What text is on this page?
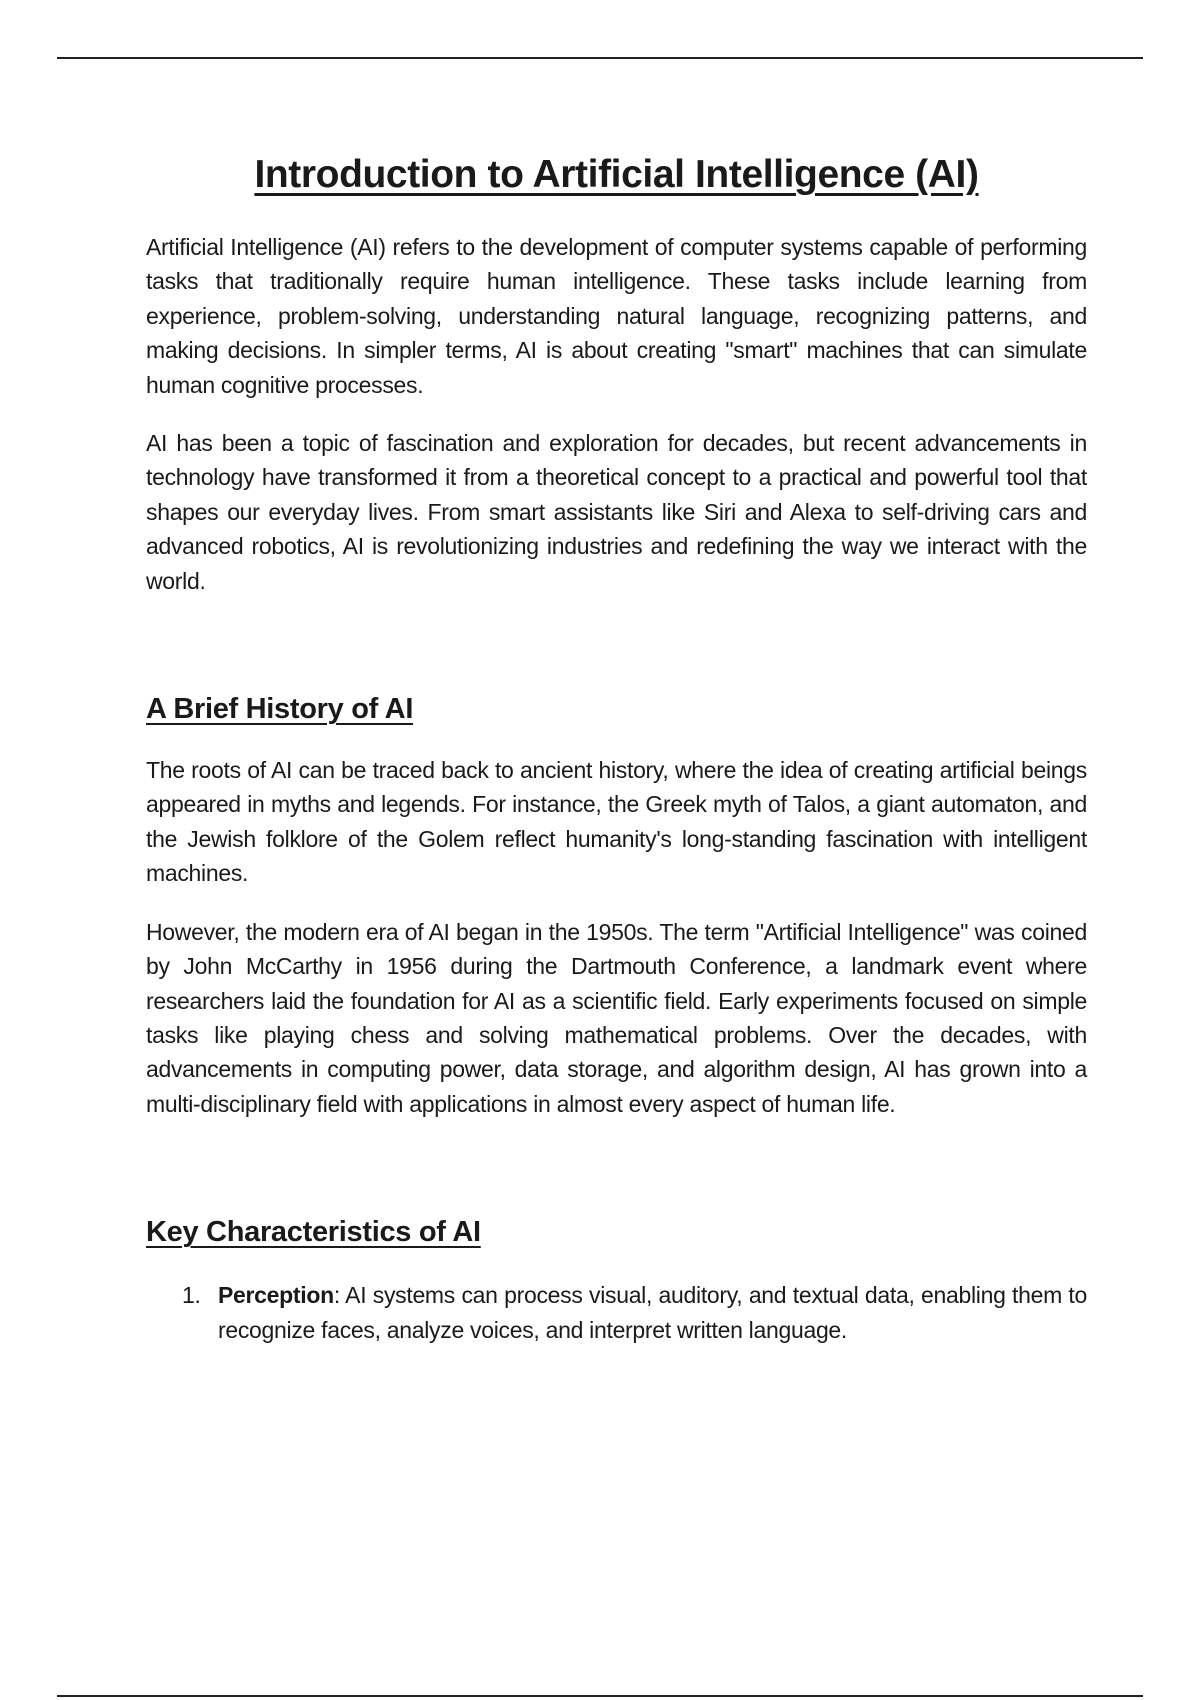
Introduction to Artificial Intelligence (AI)

Artificial Intelligence (AI) refers to the development of computer systems capable of performing tasks that traditionally require human intelligence. These tasks include learning from experience, problem-solving, understanding natural language, recognizing patterns, and making decisions. In simpler terms, AI is about creating "smart" machines that can simulate human cognitive processes.

AI has been a topic of fascination and exploration for decades, but recent advancements in technology have transformed it from a theoretical concept to a practical and powerful tool that shapes our everyday lives. From smart assistants like Siri and Alexa to self-driving cars and advanced robotics, AI is revolutionizing industries and redefining the way we interact with the world.

A Brief History of AI

The roots of AI can be traced back to ancient history, where the idea of creating artificial beings appeared in myths and legends. For instance, the Greek myth of Talos, a giant automaton, and the Jewish folklore of the Golem reflect humanity's long-standing fascination with intelligent machines.

However, the modern era of AI began in the 1950s. The term "Artificial Intelligence" was coined by John McCarthy in 1956 during the Dartmouth Conference, a landmark event where researchers laid the foundation for AI as a scientific field. Early experiments focused on simple tasks like playing chess and solving mathematical problems. Over the decades, with advancements in computing power, data storage, and algorithm design, AI has grown into a multi-disciplinary field with applications in almost every aspect of human life.

Key Characteristics of AI
1. Perception: AI systems can process visual, auditory, and textual data, enabling them to recognize faces, analyze voices, and interpret written language.
